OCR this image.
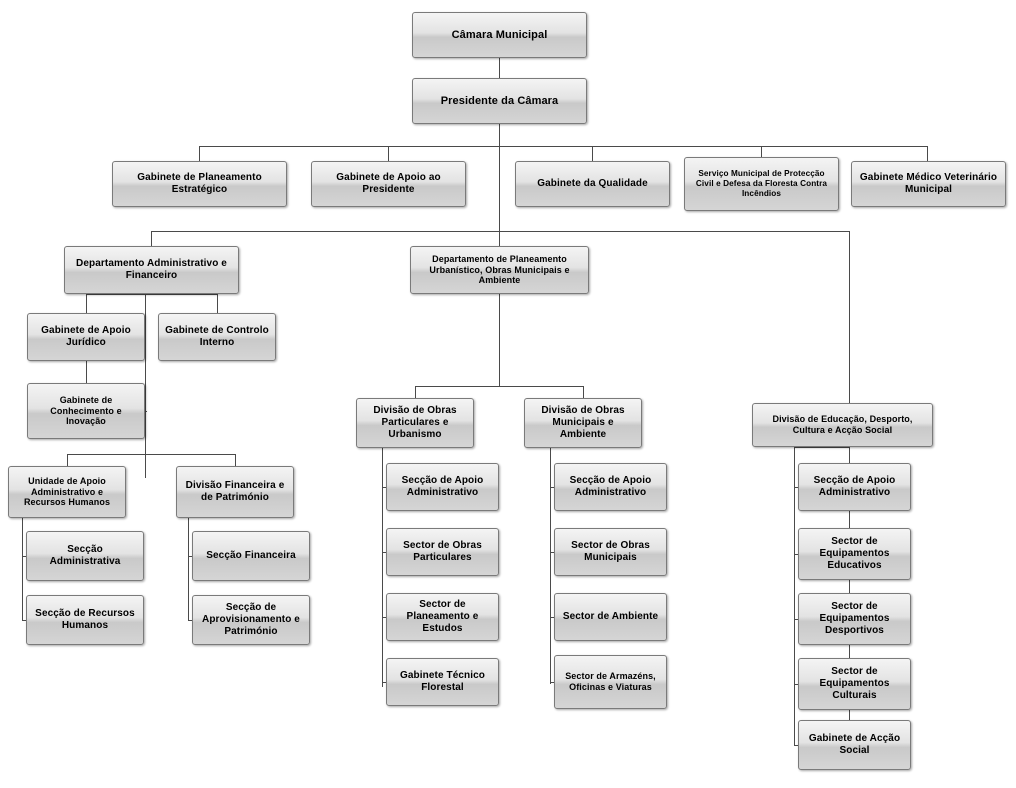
Câmara Municipal
Presidente da Câmara
Gabinete de Planeamento Estratégico
Gabinete de Apoio ao Presidente
Gabinete da Qualidade
Serviço Municipal de Protecção Civil e Defesa da Floresta Contra Incêndios
Gabinete Médico Veterinário Municipal
Departamento Administrativo e Financeiro
Departamento de Planeamento Urbanístico, Obras Municipais e Ambiente
Gabinete de Apoio Jurídico
Gabinete de Controlo Interno
Gabinete de Conhecimento e Inovação
Unidade de Apoio Administrativo e Recursos Humanos
Divisão Financeira e de Património
Secção Administrativa
Secção de Recursos Humanos
Secção Financeira
Secção de Aprovisionamento e Património
Divisão de Obras Particulares e Urbanismo
Divisão de Obras Municipais e Ambiente
Divisão de Educação, Desporto, Cultura e Acção Social
Secção de Apoio Administrativo
Sector de Obras Particulares
Sector de Planeamento e Estudos
Gabinete Técnico Florestal
Secção de Apoio Administrativo
Sector de Obras Municipais
Sector de Ambiente
Sector de Armazéns, Oficinas e Viaturas
Secção de Apoio Administrativo
Sector de Equipamentos Educativos
Sector de Equipamentos Desportivos
Sector de Equipamentos Culturais
Gabinete de Acção Social
